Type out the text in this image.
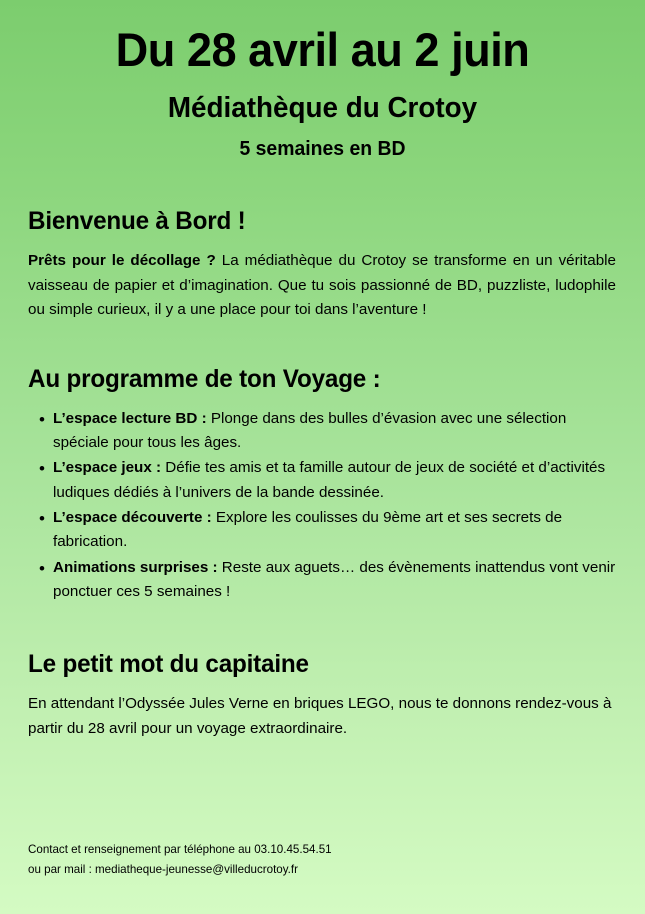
Du 28 avril au 2 juin
Médiathèque du Crotoy
5 semaines en BD
Bienvenue à Bord !

Prêts pour le décollage ? La médiathèque du Crotoy se transforme en un véritable vaisseau de papier et d’imagination. Que tu sois passionné de BD, puzzliste, ludophile ou simple curieux, il y a une place pour toi dans l’aventure !

Au programme de ton Voyage :
• L’espace lecture BD : Plonge dans des bulles d’évasion avec une sélection spéciale pour tous les âges.
• L’espace jeux : Défie tes amis et ta famille autour de jeux de société et d’activités ludiques dédiés à l’univers de la bande dessinée.
• L’espace découverte : Explore les coulisses du 9ème art et ses secrets de fabrication.
• Animations surprises : Reste aux aguets… des évènements inattendus vont venir ponctuer ces 5 semaines !
Le petit mot du capitaine

En attendant l’Odyssée Jules Verne en briques LEGO, nous te donnons rendez-vous à partir du 28 avril pour un voyage extraordinaire.

Contact et renseignement par téléphone au 03.10.45.54.51
ou par mail : mediatheque-jeunesse@villeducrotoy.fr
